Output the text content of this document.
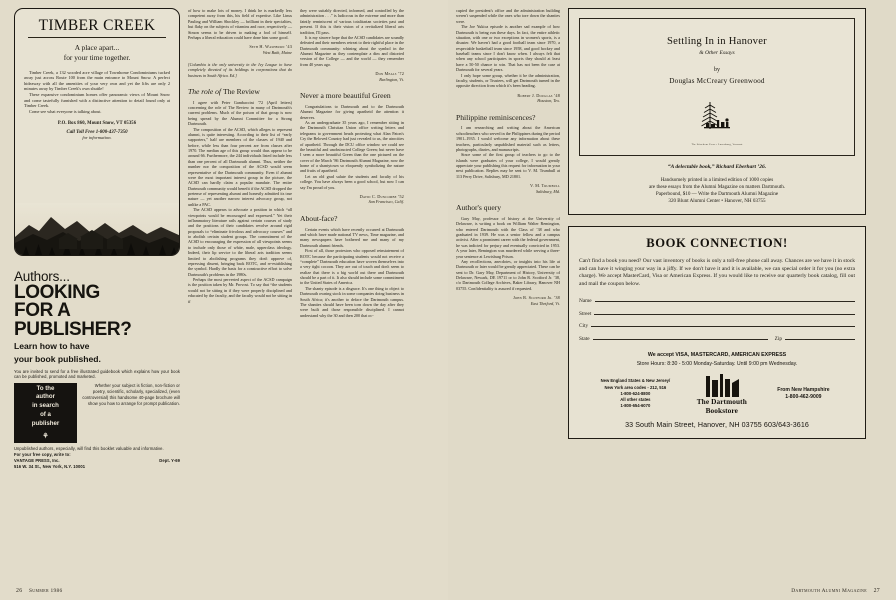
TIMBER CREEK
A place apart...
for your time together.

Timber Creek, a 132 wooded acre village of Townhome Condominiums tucked away just across Route 100 from the main entrance to Mount Snow. A perfect hideaway with all the amenities of your very own and yet the lifts are only 2 minutes away by Timber Creek's own shuttle!

These expansive condominium homes offer panoramic views of Mount Snow and come tastefully furnished with a distinctive attention to detail found only at Timber Creek.

Come see what everyone is talking about.

P.O. Box 860, Mount Snow, VT 05356
Call Toll Free 1-800-437-7350
for information.
Authors...
LOOKING
FOR A
PUBLISHER?
Learn how to have
your book published.
You are invited to send for a free illustrated guidebook which explains how your book can be published, promoted and marketed.
To the
author
in search
of a
publisher
⚘
Whether your subject is fiction, non-fiction or poetry, scientific, scholarly, specialized, (even controversial) this handsome 40-page brochure will show you how to arrange for prompt publication.
Unpublished authors, especially, will find this booklet valuable and informative.
For your free copy, write to:
VANTAGE PRESS, Inc.	Dept. Y-69
516 W. 34 St., New York, N.Y. 10001

of how to make lots of money. I think he is markedly less competent away from this, his field of expertise. Like Linus Pauling and William Shockley — brilliant in their specialties, but flaky on the subjects of vitamins and race, respectively — Simon seems to be driven to making a fool of himself. Perhaps a liberal education could have done him some good.

Seth H. Washburn ’43
West Bath, Maine
[Columbia is the only university in the Ivy League to have completely divested of its holdings in corporations that do business in South Africa. Ed.]
The role of The Review

I agree with Peter Gambaccini ’72 (April letters) concerning the role of The Review in many of Dartmouth's current problems. Much of the poison of that group is now being spread by the Alumni Committee for a Strong Dartmouth.

The composition of the ACSD, which alleges to represent alumni, is quite interesting. According to their list of “early supporters,” half are members of the classes of 1940 and before, while less than four percent are from classes after 1970. The median age of this group would thus appear to be around 66. Furthermore, the 244 individuals listed include less than one percent of all Dartmouth alumni. Thus, neither the number nor the composition of the ACSD would seem representative of the Dartmouth community. Even if alumni were the most important interest group in the picture, the ACSD can hardly claim a popular mandate. The entire Dartmouth community would benefit if the ACSD dropped the pretense of representing alumni and honestly admitted its true nature — yet another narrow interest advocacy group, not unlike a PAC.

The ACSD appears to advocate a position in which “all viewpoints would be encouraged and expressed.” Yet their inflammatory literature rails against certain courses of study and the positions of their candidates revolve around rigid proposals to “eliminate frivolous and advocacy courses” and to abolish certain student groups. The commitment of the ACSD to encouraging the expression of all viewpoints seems to include only those of white, male, upperclass ideology. Indeed, their lip service to the liberal arts tradition seems limited to abolishing programs they don't approve of, repressing dissent, bringing back ROTC, and re-establishing the symbol. Hardly the basis for a constructive effort to solve Dartmouth's problems in the 1980s.

Perhaps the most perverted aspect of the ACSD campaign is the position taken by Mr. Provost. To say that “the students would not be sitting in if they were properly disciplined and educated by the faculty, and the faculty would not be sitting in if

they were suitably directed, informed, and controlled by the administration . . .” is ludicrous in the extreme and more than faintly reminiscent of various totalitarian societies past and present. If this is their vision of a revitalized liberal arts tradition, I'll pass.

It is my sincere hope that the ACSD candidates are soundly defeated and their members retreat to their rightful place in the Dartmouth community: whining about the symbol in the Alumni Magazine as they contemplate a dim and distorted version of the College — and the world — they remember from 40 years ago.

Don Meals ’72
Burlington, Vt.
Never a more beautiful Green

Congratulations to Dartmouth and to the Dartmouth Alumni Magazine for giving apartheid the attention it deserves.

As an undergraduate 35 years ago, I remember sitting in the Dartmouth Christian Union office writing letters and telegrams to government heads protesting what Alan Paton's Cry the Beloved Country had just revealed to us, the atrocities of apartheid. Through the DCU office window we could see the beautiful and unobstructed College Green; but never have I seen a more beautiful Green than the one pictured on the cover of the March ’86 Dartmouth Alumni Magazine, now the home of a shantytown so eloquently symbolizing the nature and fruits of apartheid.

Let an old grad salute the students and faculty of his college. You have always been a good school, but now I can say I'm proud of you.

David C. Duncombe ’52
San Francisco, Calif.
About-face?

Certain events which have recently occurred at Dartmouth and which have made national TV news, Time magazine, and many newspapers have bothered me and many of my Dartmouth alumni friends.

First of all, those protestors who opposed reinstatement of ROTC because the participating students would not receive a “complete” Dartmouth education have woven themselves into a very tight cocoon. They are out of touch and don't seem to realize that there is a big world out there and Dartmouth should be a part of it. It also should include some commitment to the United States of America.

The shanty episode is a disgrace. It's one thing to object to Dartmouth owning stock in some companies doing business in South Africa; it's another to deface the Dartmouth campus. The shanties should have been torn down the day after they were built and those responsible disciplined. I cannot understand why the 30 and then 200 that oc-

26 Summer 1986

cupied the president's office and the administration building weren't suspended while the ones who tore down the shanties were.

The Joe Yukica episode is another sad example of how Dartmouth is being run these days. In fact, the entire athletic situation, with one or two exceptions in women's sports, is a disaster. We haven't had a good football team since 1970, a respectable basketball team since 1958, and good hockey and baseball teams since I don't know when. I always felt that when any school participates in sports they should at least have a 50-50 chance to win. That has not been the case at Dartmouth for several years.

I only hope some group, whether it be the administration, faculty, students, or Trustees, will get Dartmouth turned in the opposite direction from which it's been heading.

Robert J. Douglas ’48
Houston, Tex.
Philippine reminiscences?

I am researching and writing about the American schoolteachers who served in the Philippines during the period 1901–1935. I would welcome any information about these teachers, particularly unpublished material such as letters, photographs, diaries, and manuscripts.

Since some of the first group of teachers to go to the islands were graduates of your college, I would greatly appreciate your publishing this request for information in your next publication. Replies may be sent to V. M. Trumbull at 113 Perry Drive, Salisbury, MD 21801.

V. M. Trumbull
Salisbury, Md.
Author's query

Gary May, professor of history at the University of Delaware, is writing a book on William Walter Remington, who entered Dartmouth with the Class of ’38 and who graduated in 1939. He was a senior fellow and a campus activist. After a prominent career with the federal government, he was indicted for perjury and eventually convicted in 1953. A year later, Remington was murdered while serving a three-year sentence at Lewisburg Prison.

Any recollections, anecdotes, or insights into his life at Dartmouth or later would be greatly appreciated. These can be sent to Dr. Gary May, Department of History, University of Delaware, Newark, DE 19711 or to John R. Scotford Jr. ’38, c/o Dartmouth College Archives, Baker Library, Hanover NH 03755. Confidentiality is assured if requested.

John R. Scotford Jr. ’38
East Thetford, Vt.
Settling In in Hanover
& Other Essays
by
Douglas McCreary Greenwood
The Stinehour Press • Lunenburg, Vermont
“A delectable book,” Richard Eberhart ’26.
Handsomely printed in a limited edition of 1000 copies
are these essays from the Alumni Magazine on matters Dartmouth.
Paperbound, $10 — Write the Dartmouth Alumni Magazine
320 Blunt Alumni Center • Hanover, NH 03755
BOOK CONNECTION!
Can't find a book you need? Our vast inventory of books is only a toll-free phone call away. Chances are we have it in stock and can have it winging your way in a jiffy. If we don't have it and it is available, we can special order it for you (no extra charge). We accept MasterCard, Visa or American Express. If you would like to receive our quarterly book catalog, fill out and mail the coupon below.
Name
Street
City
State	Zip
We accept VISA, MASTERCARD, AMERICAN EXPRESS
Store Hours: 8:30 - 5:00 Monday-Saturday. Until 9:00 pm Wednesday.
New England States & New Jersey/
New York area codes - 212, 516
1-800-624-8800
All other states
1-800-654-6070
The Dartmouth Bookstore
From New Hampshire
1-800-462-9009
33 South Main Street, Hanover, NH 03755 603/643-3616
Dartmouth Alumni Magazine 27
